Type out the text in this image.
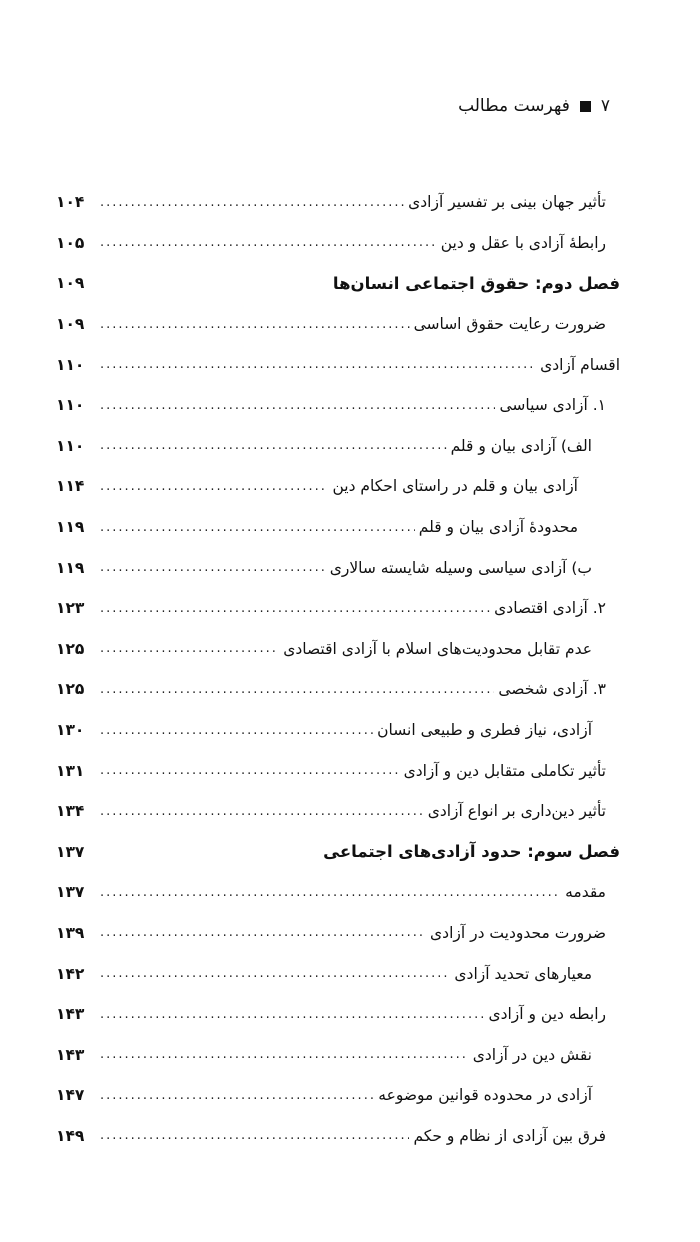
فهرست مطالب ۷
تأثیر جهان بینی بر تفسیر آزادی
.....
۱۰۴
رابطۀ آزادی با عقل و دین
.....
۱۰۵
فصل دوم: حقوق اجتماعی انسان‌ها
۱۰۹
ضرورت رعایت حقوق اساسی
.....
۱۰۹
اقسام آزادی
.....
۱۱۰
۱. آزادی سیاسی
.....
۱۱۰
الف) آزادی بیان و قلم
.....
۱۱۰
آزادی بیان و قلم در راستای احکام دین
.....
۱۱۴
محدودۀ آزادی بیان و قلم
.....
۱۱۹
ب) آزادی سیاسی وسیله شایسته سالاری
.....
۱۱۹
۲. آزادی اقتصادی
.....
۱۲۳
عدم تقابل محدودیت‌های اسلام با آزادی اقتصادی
.....
۱۲۵
۳. آزادی شخصی
.....
۱۲۵
آزادی، نیاز فطری و طبیعی انسان
.....
۱۳۰
تأثیر تکاملی متقابل دین و آزادی
.....
۱۳۱
تأثیر دین‌داری بر انواع آزادی
.....
۱۳۴
فصل سوم: حدود آزادی‌های اجتماعی
۱۳۷
مقدمه
.....
۱۳۷
ضرورت محدودیت در آزادی
.....
۱۳۹
معیارهای تحدید آزادی
.....
۱۴۲
رابطه دین و آزادی
.....
۱۴۳
نقش دین در آزادی
.....
۱۴۳
آزادی در محدوده قوانین موضوعه
.....
۱۴۷
فرق بین آزادی از نظام و حکم
.....
۱۴۹
